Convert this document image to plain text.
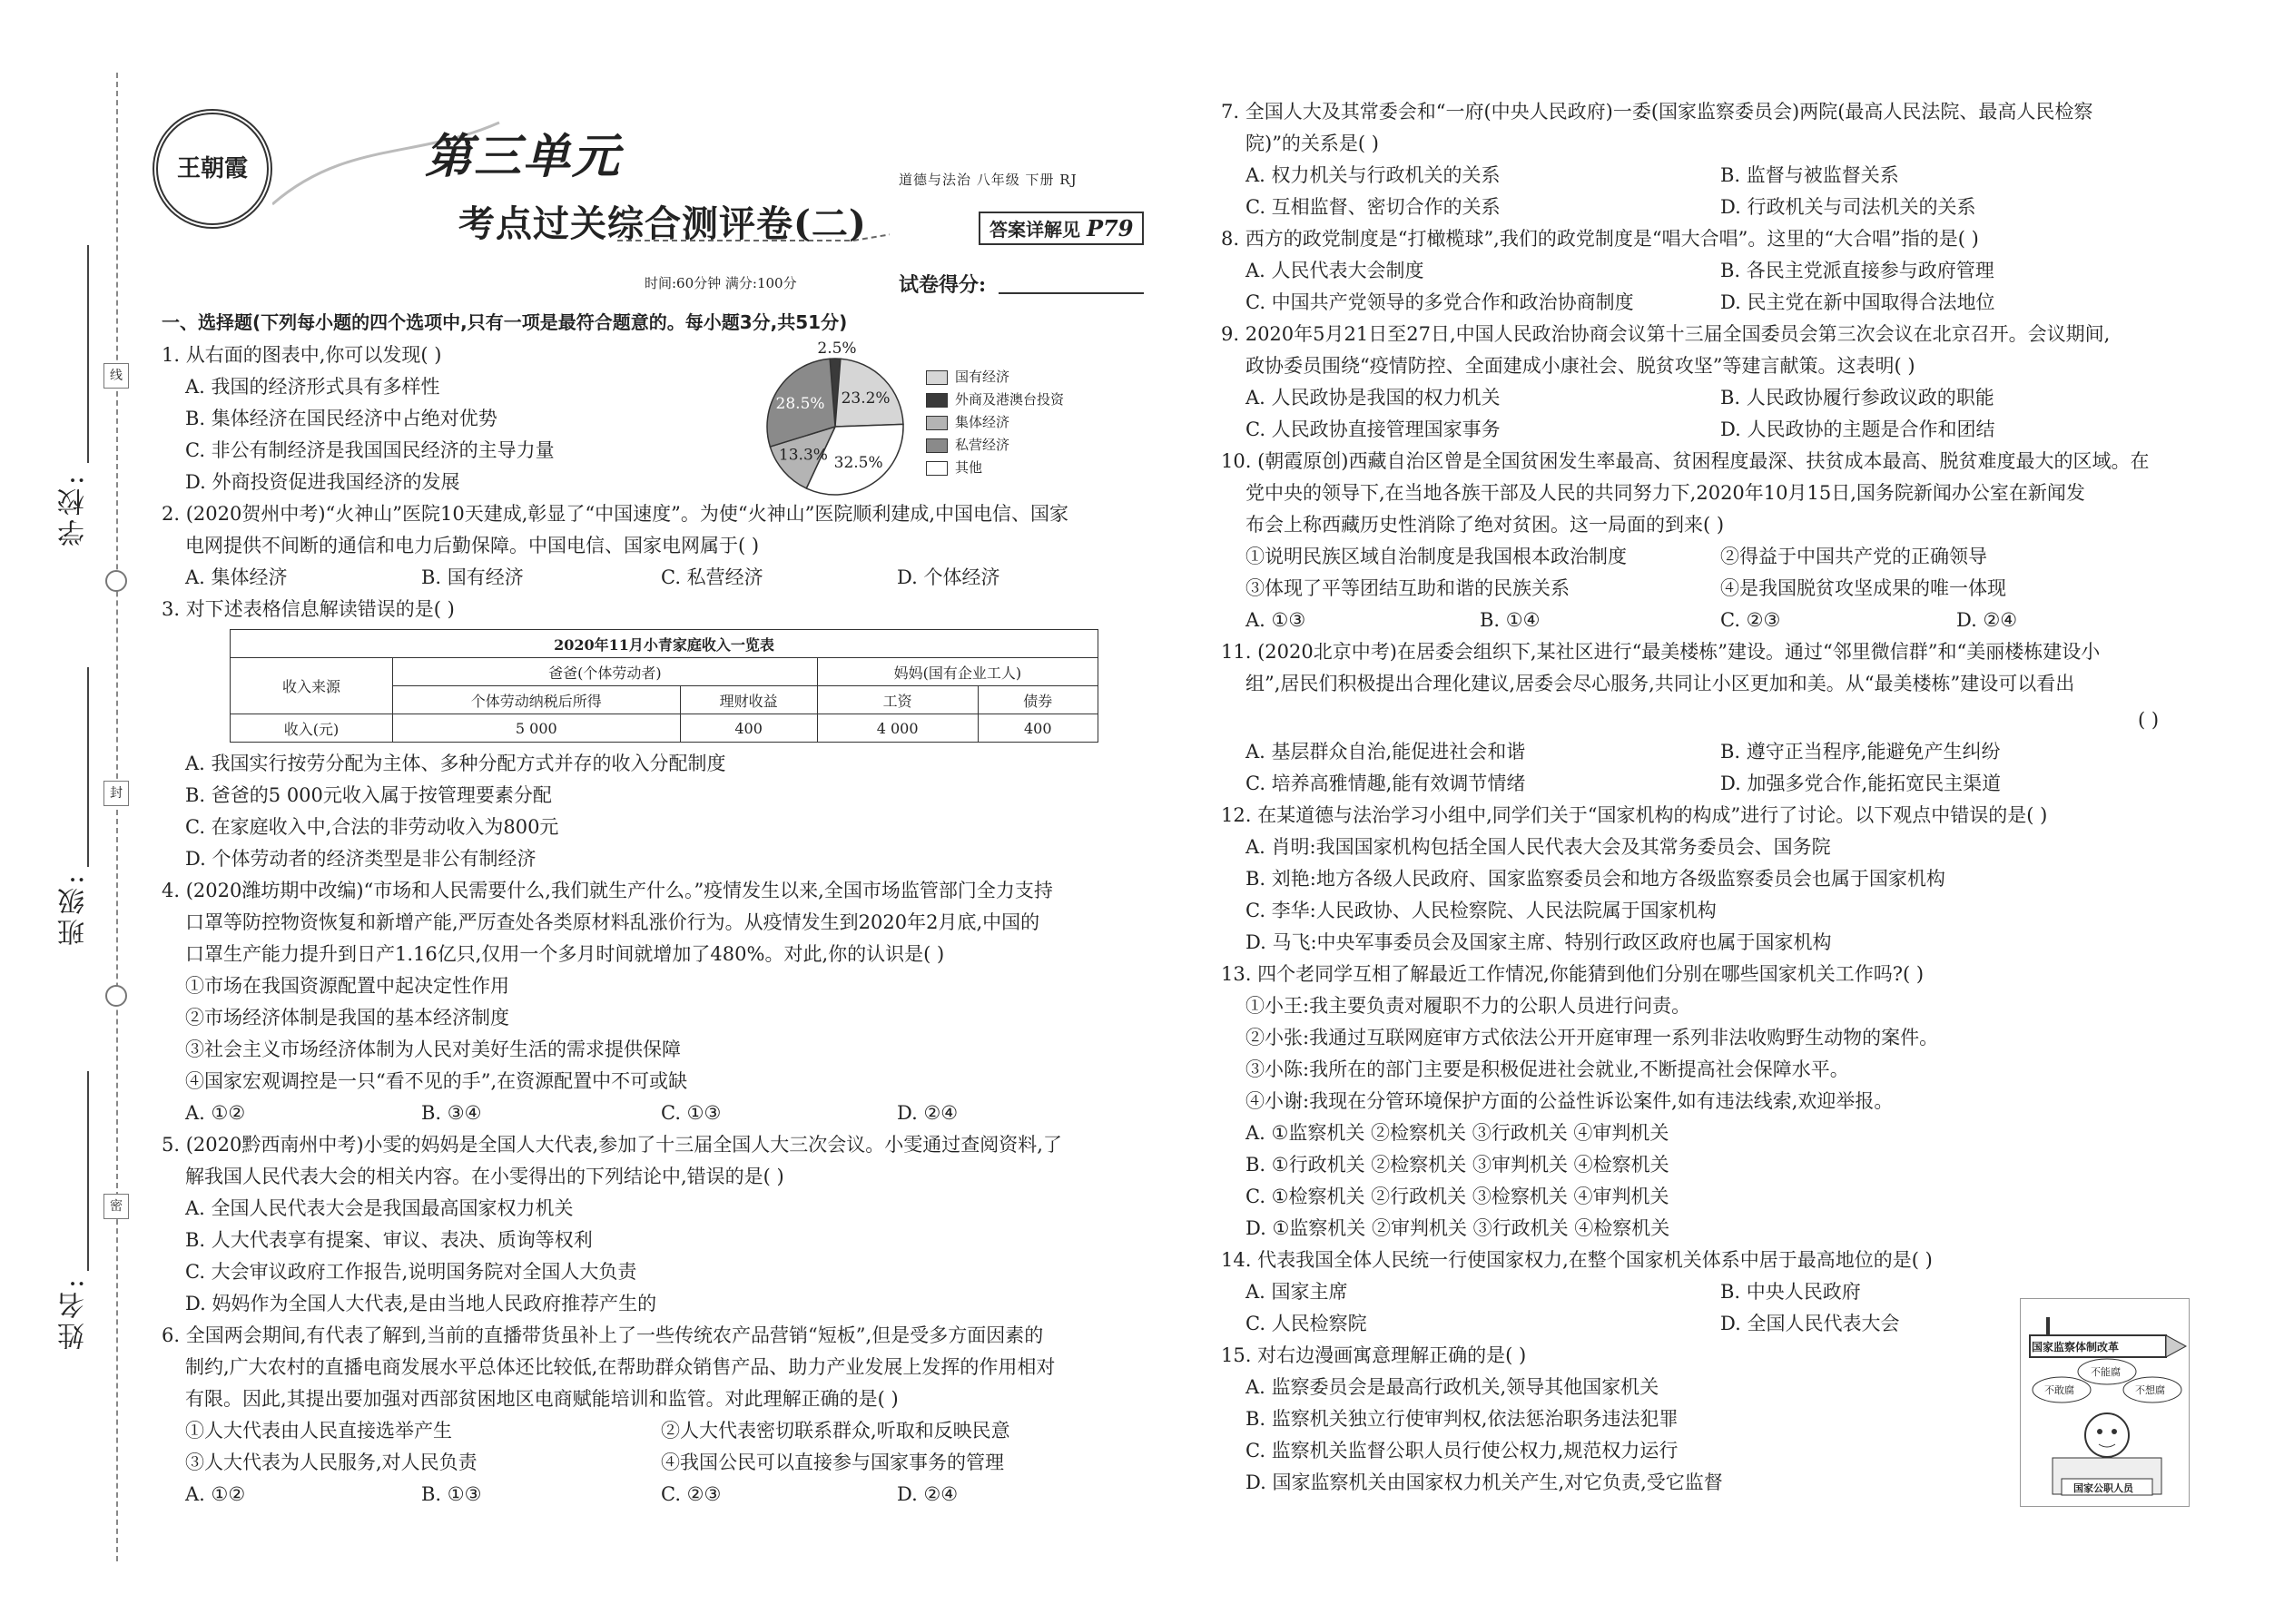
学校:
班级:
姓名:
线
封
密
王朝霞	第三单元
考点过关综合测评卷(二)
道德与法治 八年级 下册 RJ
答案详解见 P79
时间:60分钟 满分:100分	试卷得分:
一、选择题(下列每小题的四个选项中,只有一项是最符合题意的。每小题3分,共51分)
1. 从右面的图表中,你可以发现( )
A. 我国的经济形式具有多样性
B. 集体经济在国民经济中占绝对优势
C. 非公有制经济是我国国民经济的主导力量
D. 外商投资促进我国经济的发展
2.5%
23.2%
32.5%
13.3%
28.5%
国有经济
外商及港澳台投资
集体经济
私营经济
其他
2. (2020贺州中考)“火神山”医院10天建成,彰显了“中国速度”。为使“火神山”医院顺利建成,中国电信、国家
电网提供不间断的通信和电力后勤保障。中国电信、国家电网属于( )
A. 集体经济	B. 国有经济	C. 私营经济	D. 个体经济
3. 对下述表格信息解读错误的是( )
2020年11月小青家庭收入一览表				
收入来源	爸爸(个体劳动者)		妈妈(国有企业工人)	
	个体劳动纳税后所得	理财收益	工资	债券
收入(元)	5 000	400	4 000	400
A. 我国实行按劳分配为主体、多种分配方式并存的收入分配制度
B. 爸爸的5 000元收入属于按管理要素分配
C. 在家庭收入中,合法的非劳动收入为800元
D. 个体劳动者的经济类型是非公有制经济
4. (2020潍坊期中改编)“市场和人民需要什么,我们就生产什么。”疫情发生以来,全国市场监管部门全力支持
口罩等防控物资恢复和新增产能,严厉查处各类原材料乱涨价行为。从疫情发生到2020年2月底,中国的
口罩生产能力提升到日产1.16亿只,仅用一个多月时间就增加了480%。对此,你的认识是( )
①市场在我国资源配置中起决定性作用
②市场经济体制是我国的基本经济制度
③社会主义市场经济体制为人民对美好生活的需求提供保障
④国家宏观调控是一只“看不见的手”,在资源配置中不可或缺
A. ①②	B. ③④	C. ①③	D. ②④
5. (2020黔西南州中考)小雯的妈妈是全国人大代表,参加了十三届全国人大三次会议。小雯通过查阅资料,了
解我国人民代表大会的相关内容。在小雯得出的下列结论中,错误的是( )
A. 全国人民代表大会是我国最高国家权力机关
B. 人大代表享有提案、审议、表决、质询等权利
C. 大会审议政府工作报告,说明国务院对全国人大负责
D. 妈妈作为全国人大代表,是由当地人民政府推荐产生的
6. 全国两会期间,有代表了解到,当前的直播带货虽补上了一些传统农产品营销“短板”,但是受多方面因素的
制约,广大农村的直播电商发展水平总体还比较低,在帮助群众销售产品、助力产业发展上发挥的作用相对
有限。因此,其提出要加强对西部贫困地区电商赋能培训和监管。对此理解正确的是( )
①人大代表由人民直接选举产生	②人大代表密切联系群众,听取和反映民意
③人大代表为人民服务,对人民负责	④我国公民可以直接参与国家事务的管理
A. ①②	B. ①③	C. ②③	D. ②④
7. 全国人大及其常委会和“一府(中央人民政府)一委(国家监察委员会)两院(最高人民法院、最高人民检察
院)”的关系是( )
A. 权力机关与行政机关的关系	B. 监督与被监督关系
C. 互相监督、密切合作的关系	D. 行政机关与司法机关的关系
8. 西方的政党制度是“打橄榄球”,我们的政党制度是“唱大合唱”。这里的“大合唱”指的是( )
A. 人民代表大会制度	B. 各民主党派直接参与政府管理
C. 中国共产党领导的多党合作和政治协商制度	D. 民主党在新中国取得合法地位
9. 2020年5月21日至27日,中国人民政治协商会议第十三届全国委员会第三次会议在北京召开。会议期间,
政协委员围绕“疫情防控、全面建成小康社会、脱贫攻坚”等建言献策。这表明( )
A. 人民政协是我国的权力机关	B. 人民政协履行参政议政的职能
C. 人民政协直接管理国家事务	D. 人民政协的主题是合作和团结
10. (朝霞原创)西藏自治区曾是全国贫困发生率最高、贫困程度最深、扶贫成本最高、脱贫难度最大的区域。在
党中央的领导下,在当地各族干部及人民的共同努力下,2020年10月15日,国务院新闻办公室在新闻发
布会上称西藏历史性消除了绝对贫困。这一局面的到来( )
①说明民族区域自治制度是我国根本政治制度	②得益于中国共产党的正确领导
③体现了平等团结互助和谐的民族关系	④是我国脱贫攻坚成果的唯一体现
A. ①③	B. ①④	C. ②③	D. ②④
11. (2020北京中考)在居委会组织下,某社区进行“最美楼栋”建设。通过“邻里微信群”和“美丽楼栋建设小
组”,居民们积极提出合理化建议,居委会尽心服务,共同让小区更加和美。从“最美楼栋”建设可以看出
( )
A. 基层群众自治,能促进社会和谐	B. 遵守正当程序,能避免产生纠纷
C. 培养高雅情趣,能有效调节情绪	D. 加强多党合作,能拓宽民主渠道
12. 在某道德与法治学习小组中,同学们关于“国家机构的构成”进行了讨论。以下观点中错误的是( )
A. 肖明:我国国家机构包括全国人民代表大会及其常务委员会、国务院
B. 刘艳:地方各级人民政府、国家监察委员会和地方各级监察委员会也属于国家机构
C. 李华:人民政协、人民检察院、人民法院属于国家机构
D. 马飞:中央军事委员会及国家主席、特别行政区政府也属于国家机构
13. 四个老同学互相了解最近工作情况,你能猜到他们分别在哪些国家机关工作吗?( )
①小王:我主要负责对履职不力的公职人员进行问责。
②小张:我通过互联网庭审方式依法公开开庭审理一系列非法收购野生动物的案件。
③小陈:我所在的部门主要是积极促进社会就业,不断提高社会保障水平。
④小谢:我现在分管环境保护方面的公益性诉讼案件,如有违法线索,欢迎举报。
A. ①监察机关 ②检察机关 ③行政机关 ④审判机关
B. ①行政机关 ②检察机关 ③审判机关 ④检察机关
C. ①检察机关 ②行政机关 ③检察机关 ④审判机关
D. ①监察机关 ②审判机关 ③行政机关 ④检察机关
14. 代表我国全体人民统一行使国家权力,在整个国家机关体系中居于最高地位的是( )
A. 国家主席	B. 中央人民政府
C. 人民检察院	D. 全国人民代表大会
15. 对右边漫画寓意理解正确的是( )
A. 监察委员会是最高行政机关,领导其他国家机关
B. 监察机关独立行使审判权,依法惩治职务违法犯罪
C. 监察机关监督公职人员行使公权力,规范权力运行
D. 国家监察机关由国家权力机关产生,对它负责,受它监督
国家监察体制改革
不敢腐
不能腐
不想腐
国家公职人员
